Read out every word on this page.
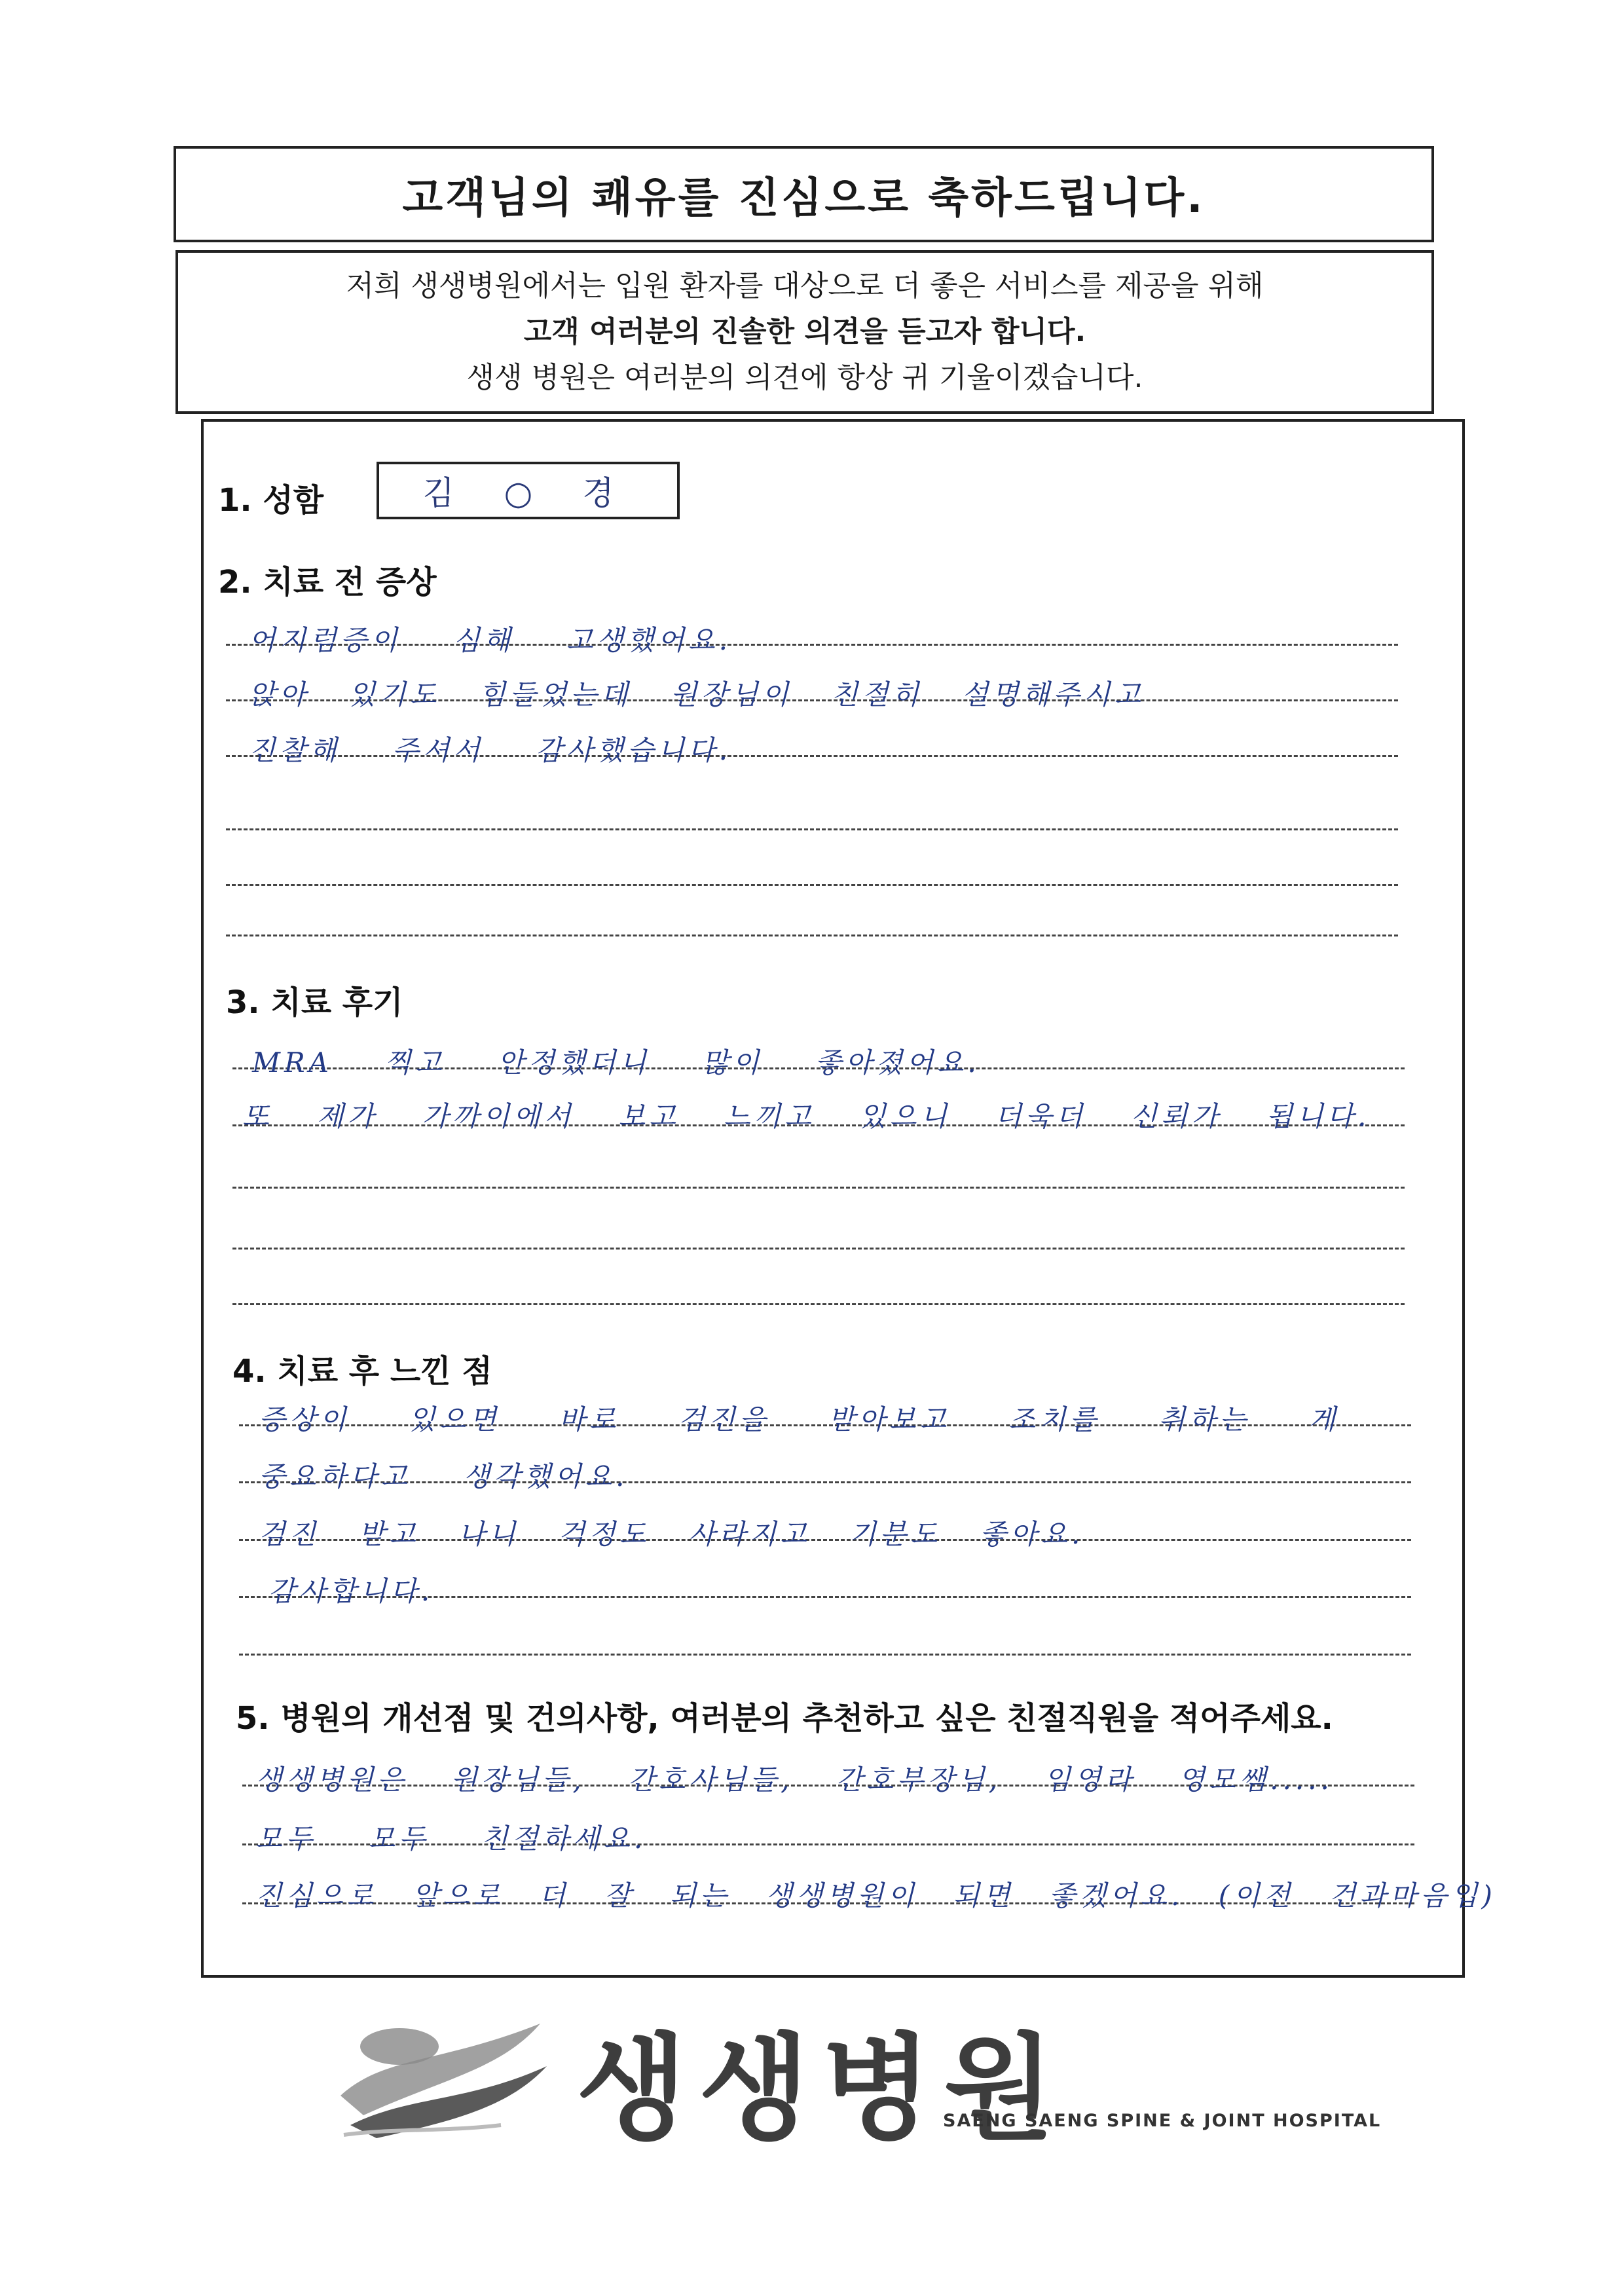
고객님의 쾌유를 진심으로 축하드립니다.
저희 생생병원에서는 입원 환자를 대상으로 더 좋은 서비스를 제공을 위해
고객 여러분의 진솔한 의견을 듣고자 합니다.
생생 병원은 여러분의 의견에 항상 귀 기울이겠습니다.
1. 성함	김 ○ 경
2. 치료 전 증상
어지럼증이 심해 고생했어요.
앉아 있기도 힘들었는데 원장님이 친절히 설명해주시고
진찰해 주셔서 감사했습니다.
3. 치료 후기
MRA 찍고 안정했더니 많이 좋아졌어요.
또 제가 가까이에서 보고 느끼고 있으니 더욱더 신뢰가 됩니다.
4. 치료 후 느낀 점
증상이 있으면 바로 검진을 받아보고 조치를 취하는 게
중요하다고 생각했어요.
검진 받고 나니 걱정도 사라지고 기분도 좋아요.
감사합니다.
5. 병원의 개선점 및 건의사항, 여러분의 추천하고 싶은 친절직원을 적어주세요.
생생병원은 원장님들, 간호사님들, 간호부장님, 임영라 영모쌤.....
모두 모두 친절하세요.
진심으로 앞으로 더 잘 되는 생생병원이 되면 좋겠어요. (이전 건과마음입)
생생병원
SAENG SAENG SPINE & JOINT HOSPITAL
